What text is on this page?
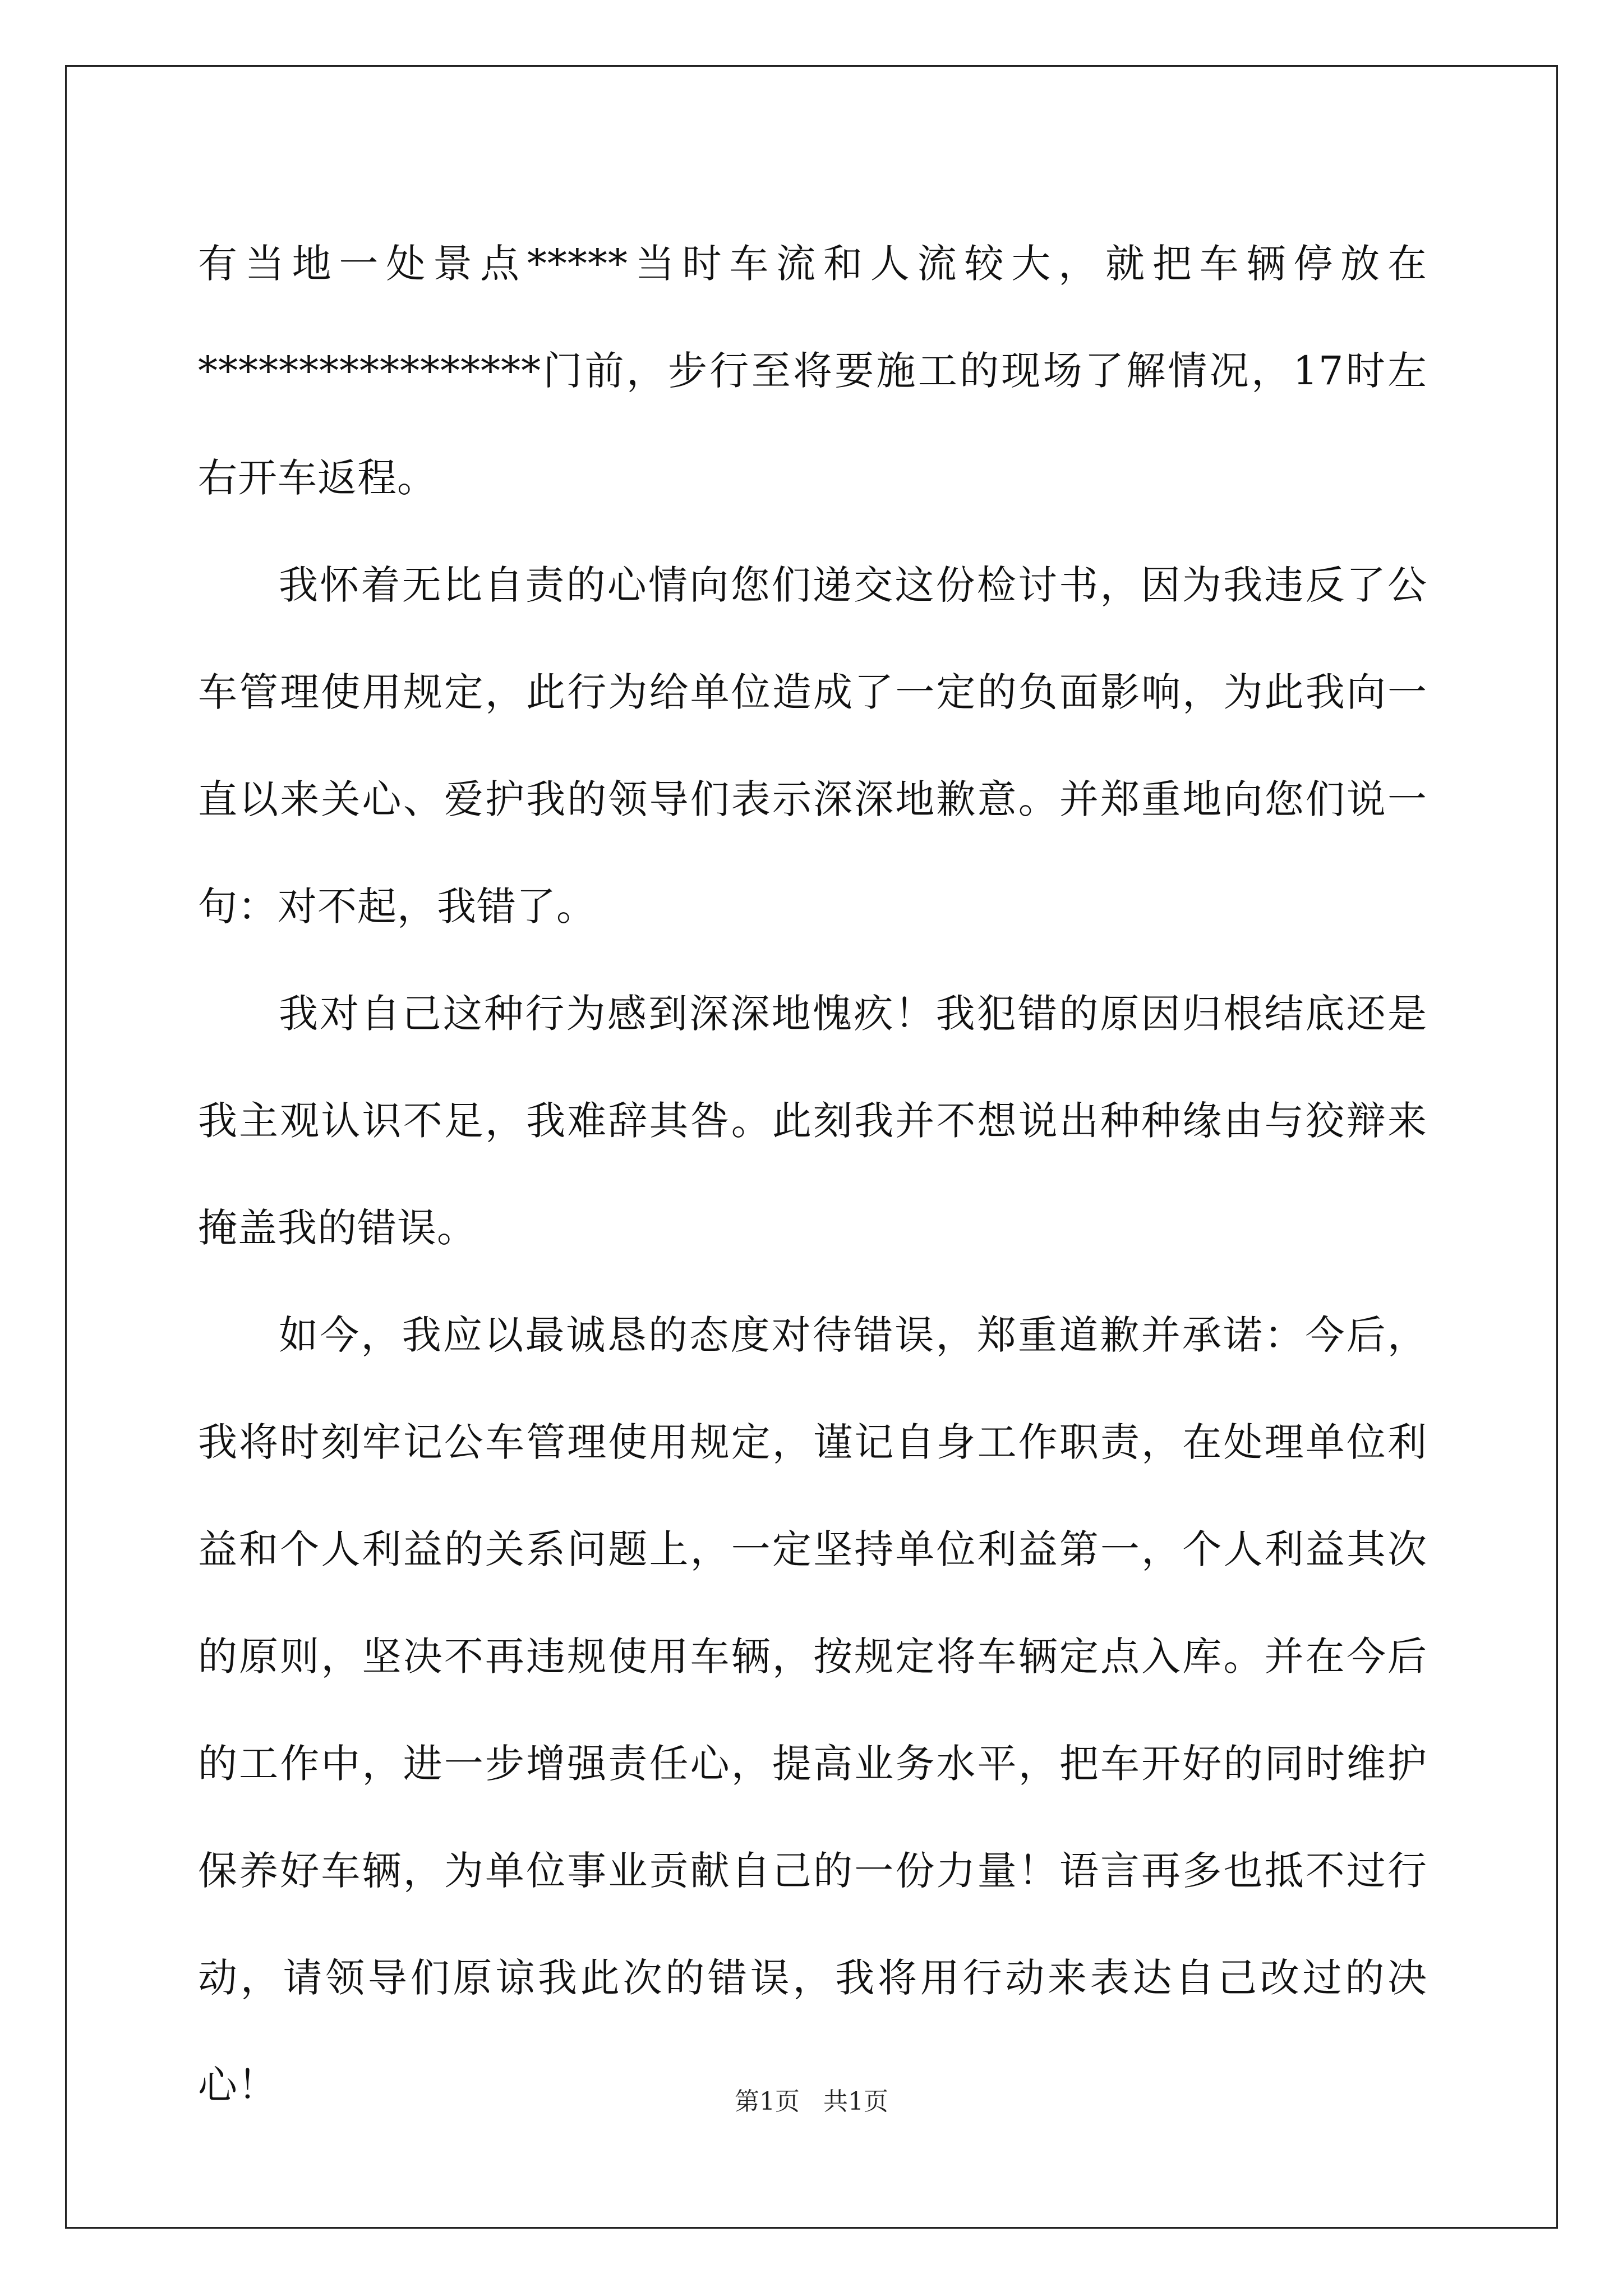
有当地一处景点*****当时车流和人流较大，就把车辆停放在
*****************门前，步行至将要施工的现场了解情况，17时左
右开车返程。
我怀着无比自责的心情向您们递交这份检讨书，因为我违反了公
车管理使用规定，此行为给单位造成了一定的负面影响，为此我向一
直以来关心、爱护我的领导们表示深深地歉意。并郑重地向您们说一
句：对不起，我错了。
我对自己这种行为感到深深地愧疚！我犯错的原因归根结底还是
我主观认识不足，我难辞其咎。此刻我并不想说出种种缘由与狡辩来
掩盖我的错误。
如今，我应以最诚恳的态度对待错误，郑重道歉并承诺：今后，
我将时刻牢记公车管理使用规定，谨记自身工作职责，在处理单位利
益和个人利益的关系问题上，一定坚持单位利益第一，个人利益其次
的原则，坚决不再违规使用车辆，按规定将车辆定点入库。并在今后
的工作中，进一步增强责任心，提高业务水平，把车开好的同时维护
保养好车辆，为单位事业贡献自己的一份力量！语言再多也抵不过行
动，请领导们原谅我此次的错误，我将用行动来表达自己改过的决心！	第1页 共1页
